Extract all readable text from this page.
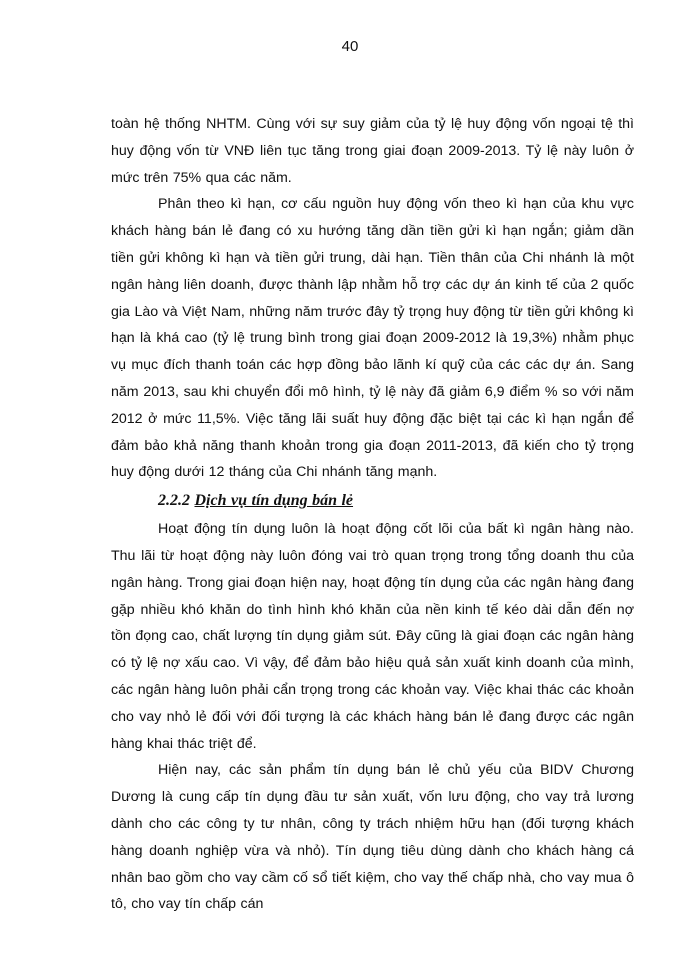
40

toàn hệ thống NHTM. Cùng với sự suy giảm của tỷ lệ huy động vốn ngoại tệ thì huy động vốn từ VNĐ liên tục tăng trong giai đoạn 2009-2013. Tỷ lệ này luôn ở mức trên 75% qua các năm.

Phân theo kì hạn, cơ cấu nguồn huy động vốn theo kì hạn của khu vực khách hàng bán lẻ đang có xu hướng tăng dần tiền gửi kì hạn ngắn; giảm dần tiền gửi không kì hạn và tiền gửi trung, dài hạn. Tiền thân của Chi nhánh là một ngân hàng liên doanh, được thành lập nhằm hỗ trợ các dự án kinh tế của 2 quốc gia Lào và Việt Nam, những năm trước đây tỷ trọng huy động từ tiền gửi không kì hạn là khá cao (tỷ lệ trung bình trong giai đoạn 2009-2012 là 19,3%) nhằm phục vụ mục đích thanh toán các hợp đồng bảo lãnh kí quỹ của các các dự án. Sang năm 2013, sau khi chuyển đổi mô hình, tỷ lệ này đã giảm 6,9 điểm % so với năm 2012 ở mức 11,5%. Việc tăng lãi suất huy động đặc biệt tại các kì hạn ngắn để đảm bảo khả năng thanh khoản trong gia đoạn 2011-2013, đã kiến cho tỷ trọng huy động dưới 12 tháng của Chi nhánh tăng mạnh.

2.2.2 Dịch vụ tín dụng bán lẻ

Hoạt động tín dụng luôn là hoạt động cốt lõi của bất kì ngân hàng nào. Thu lãi từ hoạt động này luôn đóng vai trò quan trọng trong tổng doanh thu của ngân hàng. Trong giai đoạn hiện nay, hoạt động tín dụng của các ngân hàng đang gặp nhiều khó khăn do tình hình khó khăn của nền kinh tế kéo dài dẫn đến nợ tồn đọng cao, chất lượng tín dụng giảm sút. Đây cũng là giai đoạn các ngân hàng có tỷ lệ nợ xấu cao. Vì vậy, để đảm bảo hiệu quả sản xuất kinh doanh của mình, các ngân hàng luôn phải cẩn trọng trong các khoản vay. Việc khai thác các khoản cho vay nhỏ lẻ đối với đối tượng là các khách hàng bán lẻ đang được các ngân hàng khai thác triệt để.

Hiện nay, các sản phẩm tín dụng bán lẻ chủ yếu của BIDV Chương Dương là cung cấp tín dụng đầu tư sản xuất, vốn lưu động, cho vay trả lương dành cho các công ty tư nhân, công ty trách nhiệm hữu hạn (đối tượng khách hàng doanh nghiệp vừa và nhỏ). Tín dụng tiêu dùng dành cho khách hàng cá nhân bao gồm cho vay cầm cố sổ tiết kiệm, cho vay thế chấp nhà, cho vay mua ô tô, cho vay tín chấp cán
